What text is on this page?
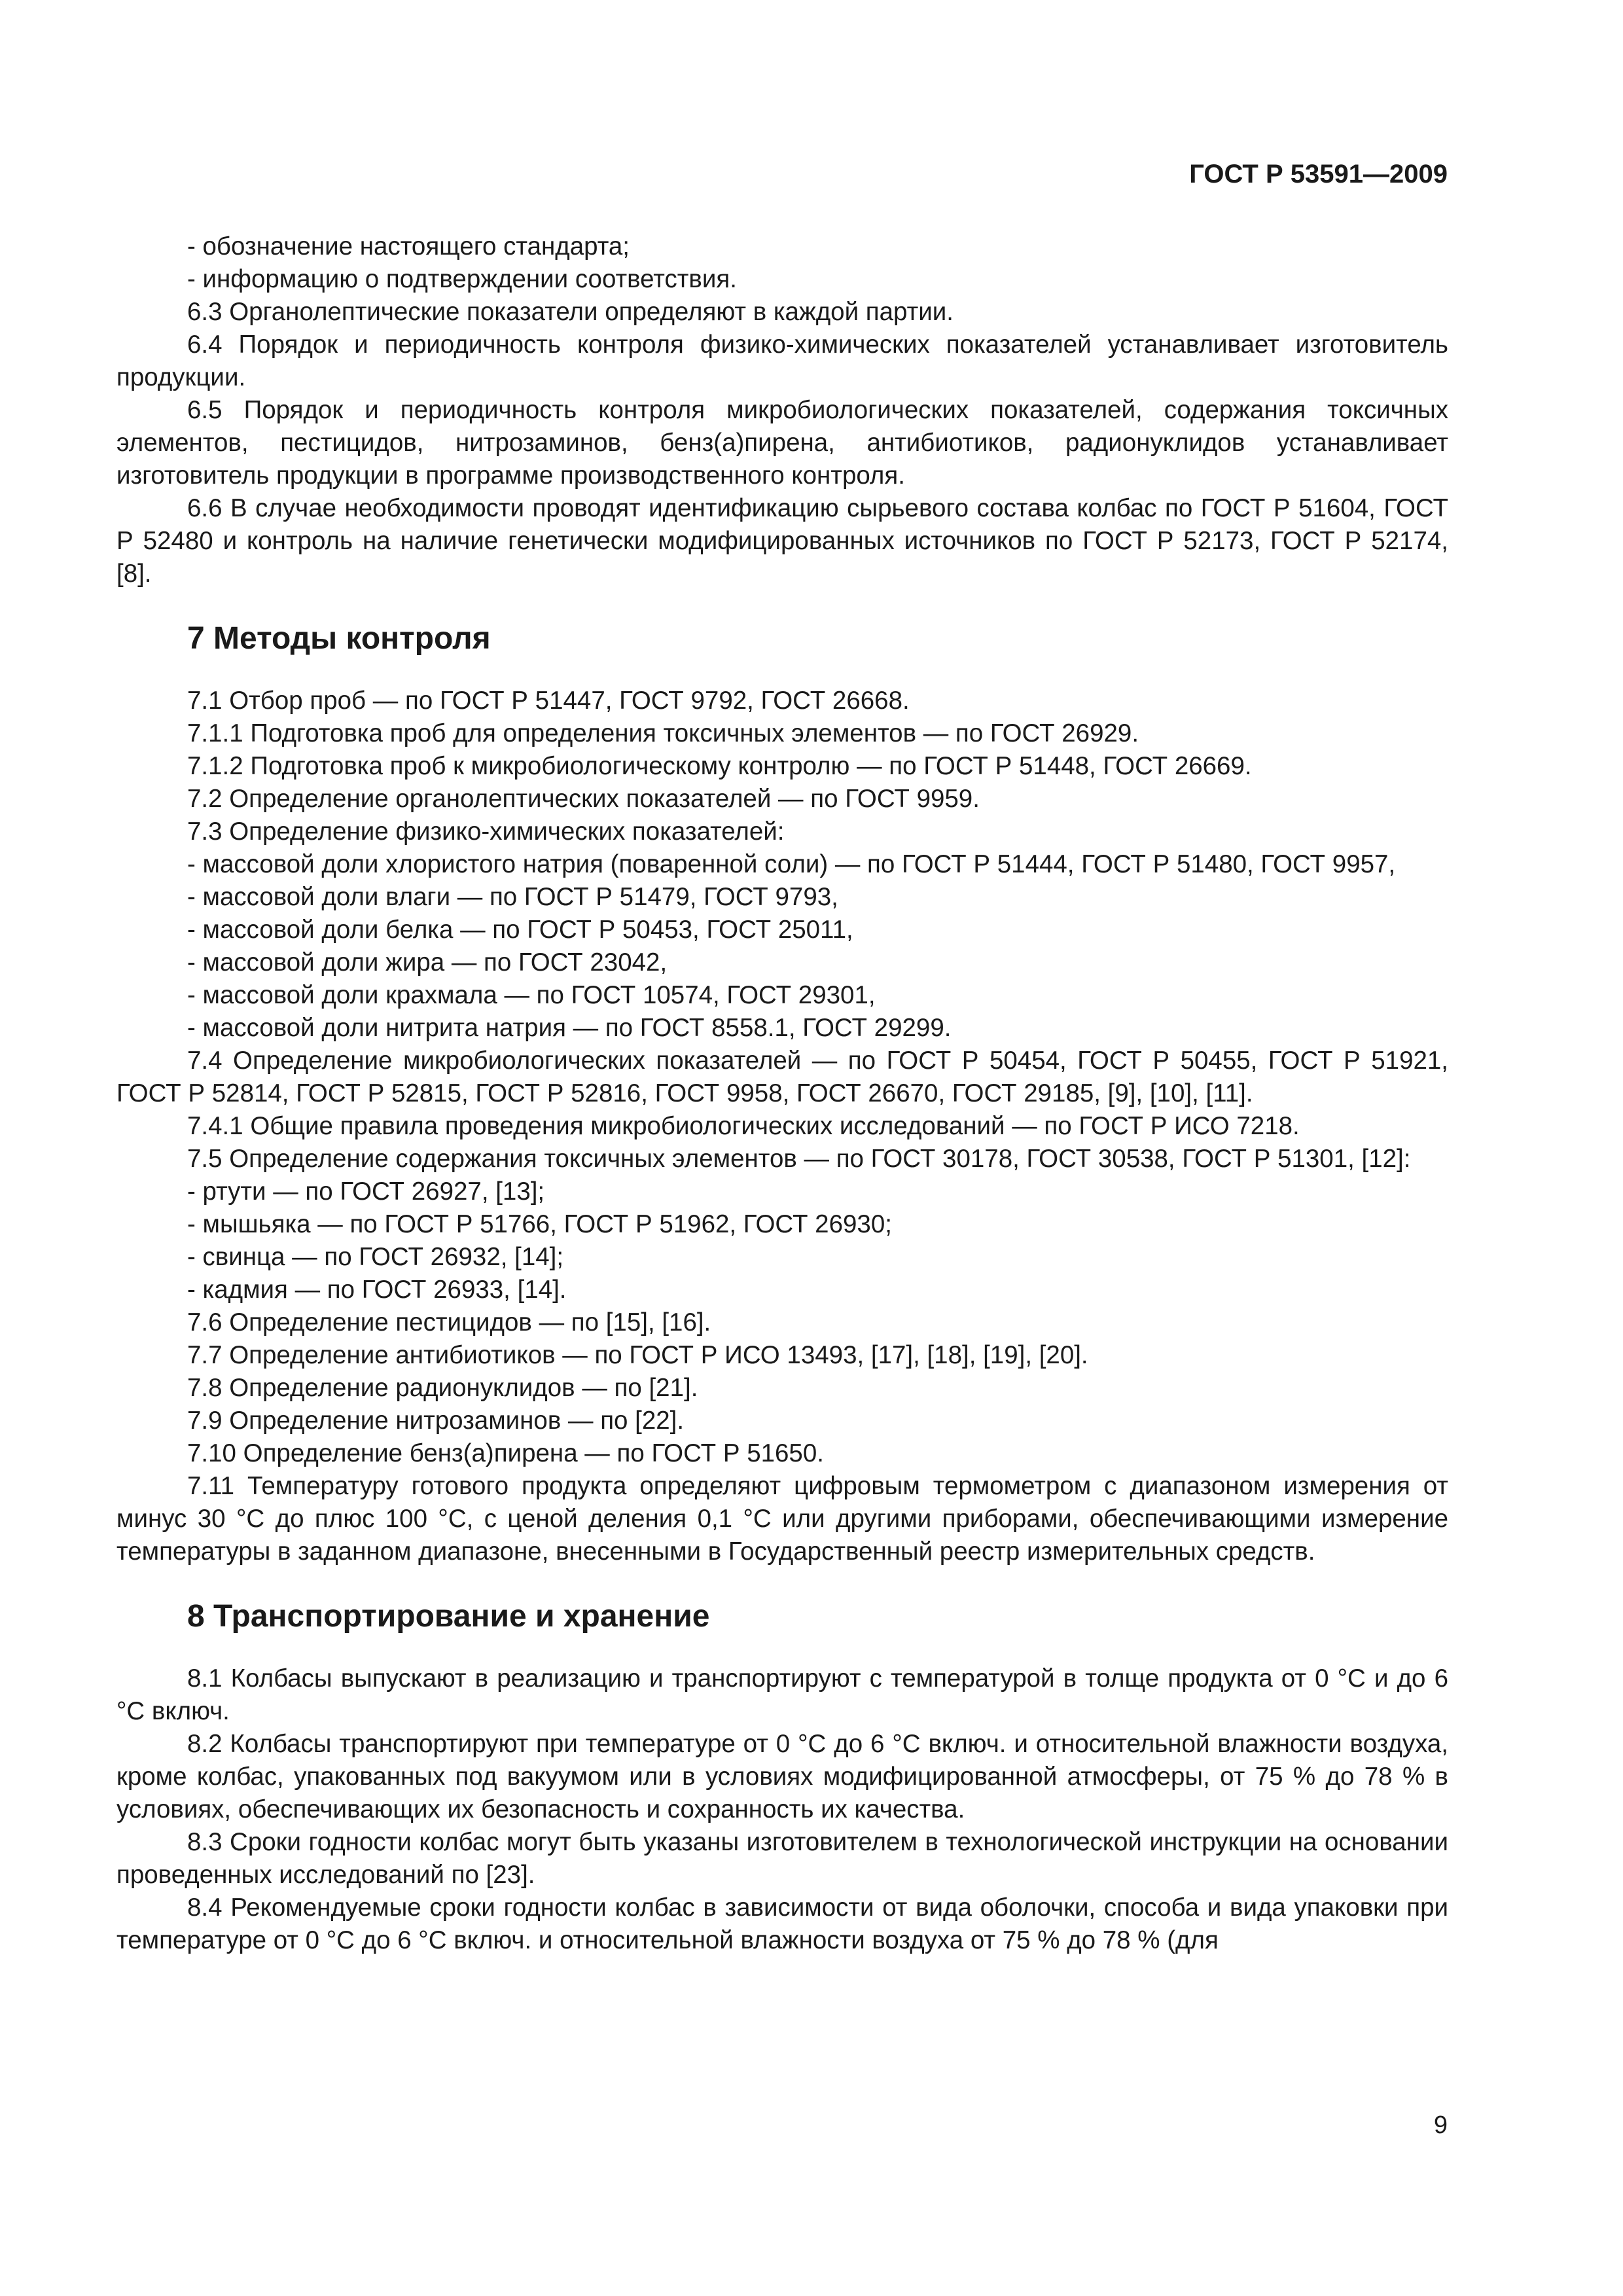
ГОСТ Р 53591—2009

- обозначение настоящего стандарта;

- информацию о подтверждении соответствия.

6.3 Органолептические показатели определяют в каждой партии.

6.4 Порядок и периодичность контроля физико-химических показателей устанавливает изготовитель продукции.

6.5 Порядок и периодичность контроля микробиологических показателей, содержания токсичных элементов, пестицидов, нитрозаминов, бенз(а)пирена, антибиотиков, радионуклидов устанавливает изготовитель продукции в программе производственного контроля.

6.6 В случае необходимости проводят идентификацию сырьевого состава колбас по ГОСТ Р 51604, ГОСТ Р 52480 и контроль на наличие генетически модифицированных источников по ГОСТ Р 52173, ГОСТ Р 52174, [8].

7 Методы контроля

7.1 Отбор проб — по ГОСТ Р 51447, ГОСТ 9792, ГОСТ 26668.

7.1.1 Подготовка проб для определения токсичных элементов — по ГОСТ 26929.

7.1.2 Подготовка проб к микробиологическому контролю — по ГОСТ Р 51448, ГОСТ 26669.

7.2 Определение органолептических показателей — по ГОСТ 9959.

7.3 Определение физико-химических показателей:

- массовой доли хлористого натрия (поваренной соли) — по ГОСТ Р 51444, ГОСТ Р 51480, ГОСТ 9957,

- массовой доли влаги — по ГОСТ Р 51479, ГОСТ 9793,

- массовой доли белка — по ГОСТ Р 50453, ГОСТ 25011,

- массовой доли жира — по ГОСТ 23042,

- массовой доли крахмала — по ГОСТ 10574, ГОСТ 29301,

- массовой доли нитрита натрия — по ГОСТ 8558.1, ГОСТ 29299.

7.4 Определение микробиологических показателей — по ГОСТ Р 50454, ГОСТ Р 50455, ГОСТ Р 51921, ГОСТ Р 52814, ГОСТ Р 52815, ГОСТ Р 52816, ГОСТ 9958, ГОСТ 26670, ГОСТ 29185, [9], [10], [11].

7.4.1 Общие правила проведения микробиологических исследований — по ГОСТ Р ИСО 7218.

7.5 Определение содержания токсичных элементов — по ГОСТ 30178, ГОСТ 30538, ГОСТ Р 51301, [12]:

- ртути — по ГОСТ 26927, [13];

- мышьяка — по ГОСТ Р 51766, ГОСТ Р 51962, ГОСТ 26930;

- свинца — по ГОСТ 26932, [14];

- кадмия — по ГОСТ 26933, [14].

7.6 Определение пестицидов — по [15], [16].

7.7 Определение антибиотиков — по ГОСТ Р ИСО 13493, [17], [18], [19], [20].

7.8 Определение радионуклидов — по [21].

7.9 Определение нитрозаминов — по [22].

7.10 Определение бенз(а)пирена — по ГОСТ Р 51650.

7.11 Температуру готового продукта определяют цифровым термометром с диапазоном измерения от минус 30 °С до плюс 100 °С, с ценой деления 0,1 °С или другими приборами, обеспечивающими измерение температуры в заданном диапазоне, внесенными в Государственный реестр измерительных средств.

8 Транспортирование и хранение

8.1 Колбасы выпускают в реализацию и транспортируют с температурой в толще продукта от 0 °С и до 6 °С включ.

8.2 Колбасы транспортируют при температуре от 0 °С до 6 °С включ. и относительной влажности воздуха, кроме колбас, упакованных под вакуумом или в условиях модифицированной атмосферы, от 75 % до 78 % в условиях, обеспечивающих их безопасность и сохранность их качества.

8.3 Сроки годности колбас могут быть указаны изготовителем в технологической инструкции на основании проведенных исследований по [23].

8.4 Рекомендуемые сроки годности колбас в зависимости от вида оболочки, способа и вида упаковки при температуре от 0 °С до 6 °С включ. и относительной влажности воздуха от 75 % до 78 % (для

9
